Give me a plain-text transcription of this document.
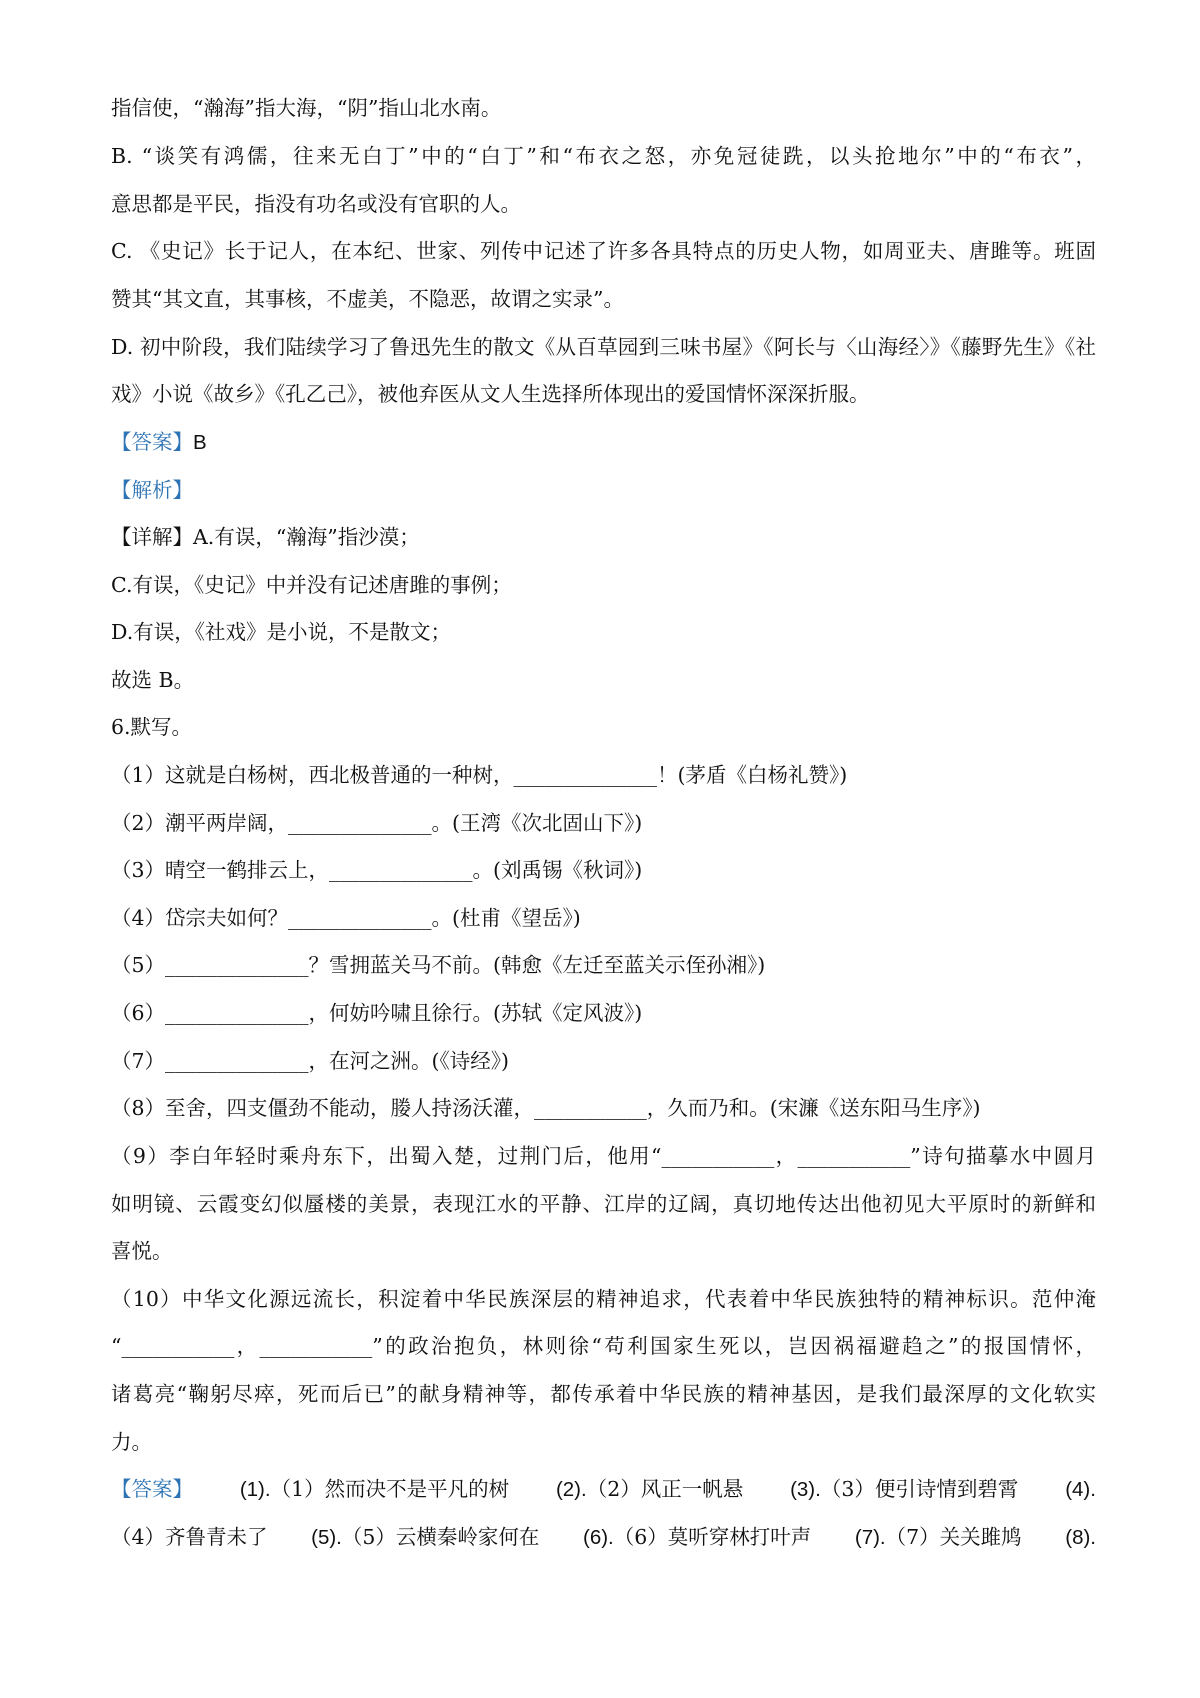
指信使，“瀚海”指大海，“阴”指山北水南。
B. “谈笑有鸿儒，往来无白丁”中的“白丁”和“布衣之怒，亦免冠徒跣，以头抢地尔”中的“布衣”，
意思都是平民，指没有功名或没有官职的人。
C. 《史记》长于记人，在本纪、世家、列传中记述了许多各具特点的历史人物，如周亚夫、唐雎等。班固
赞其“其文直，其事核，不虚美，不隐恶，故谓之实录”。
D. 初中阶段，我们陆续学习了鲁迅先生的散文《从百草园到三味书屋》《阿长与〈山海经〉》《藤野先生》《社
戏》小说《故乡》《孔乙己》，被他弃医从文人生选择所体现出的爱国情怀深深折服。
【答案】B
【解析】
【详解】A.有误，“瀚海”指沙漠；
C.有误，《史记》中并没有记述唐雎的事例；
D.有误，《社戏》是小说，不是散文；
故选 B。
6.默写。
（1）这就是白杨树，西北极普通的一种树，______________！(茅盾《白杨礼赞》)
（2）潮平两岸阔，______________。(王湾《次北固山下》)
（3）晴空一鹤排云上，______________。(刘禹锡《秋词》)
（4）岱宗夫如何？______________。(杜甫《望岳》)
（5）______________？雪拥蓝关马不前。(韩愈《左迁至蓝关示侄孙湘》)
（6）______________，何妨吟啸且徐行。(苏轼《定风波》)
（7）______________，在河之洲。(《诗经》)
（8）至舍，四支僵劲不能动，媵人持汤沃灌，___________，久而乃和。(宋濂《送东阳马生序》)
（9）李白年轻时乘舟东下，出蜀入楚，过荆门后，他用“___________，___________”诗句描摹水中圆月
如明镜、云霞变幻似蜃楼的美景，表现江水的平静、江岸的辽阔，真切地传达出他初见大平原时的新鲜和
喜悦。
（10）中华文化源远流长，积淀着中华民族深层的精神追求，代表着中华民族独特的精神标识。范仲淹
“___________，___________”的政治抱负，林则徐“苟利国家生死以，岂因祸福避趋之”的报国情怀，
诸葛亮“鞠躬尽瘁，死而后已”的献身精神等，都传承着中华民族的精神基因，是我们最深厚的文化软实
力。
【答案】 (1).（1）然而决不是平凡的树 (2).（2）风正一帆悬 (3).（3）便引诗情到碧霄 (4).
（4）齐鲁青未了 (5).（5）云横秦岭家何在 (6).（6）莫听穿林打叶声 (7).（7）关关雎鸠 (8).
